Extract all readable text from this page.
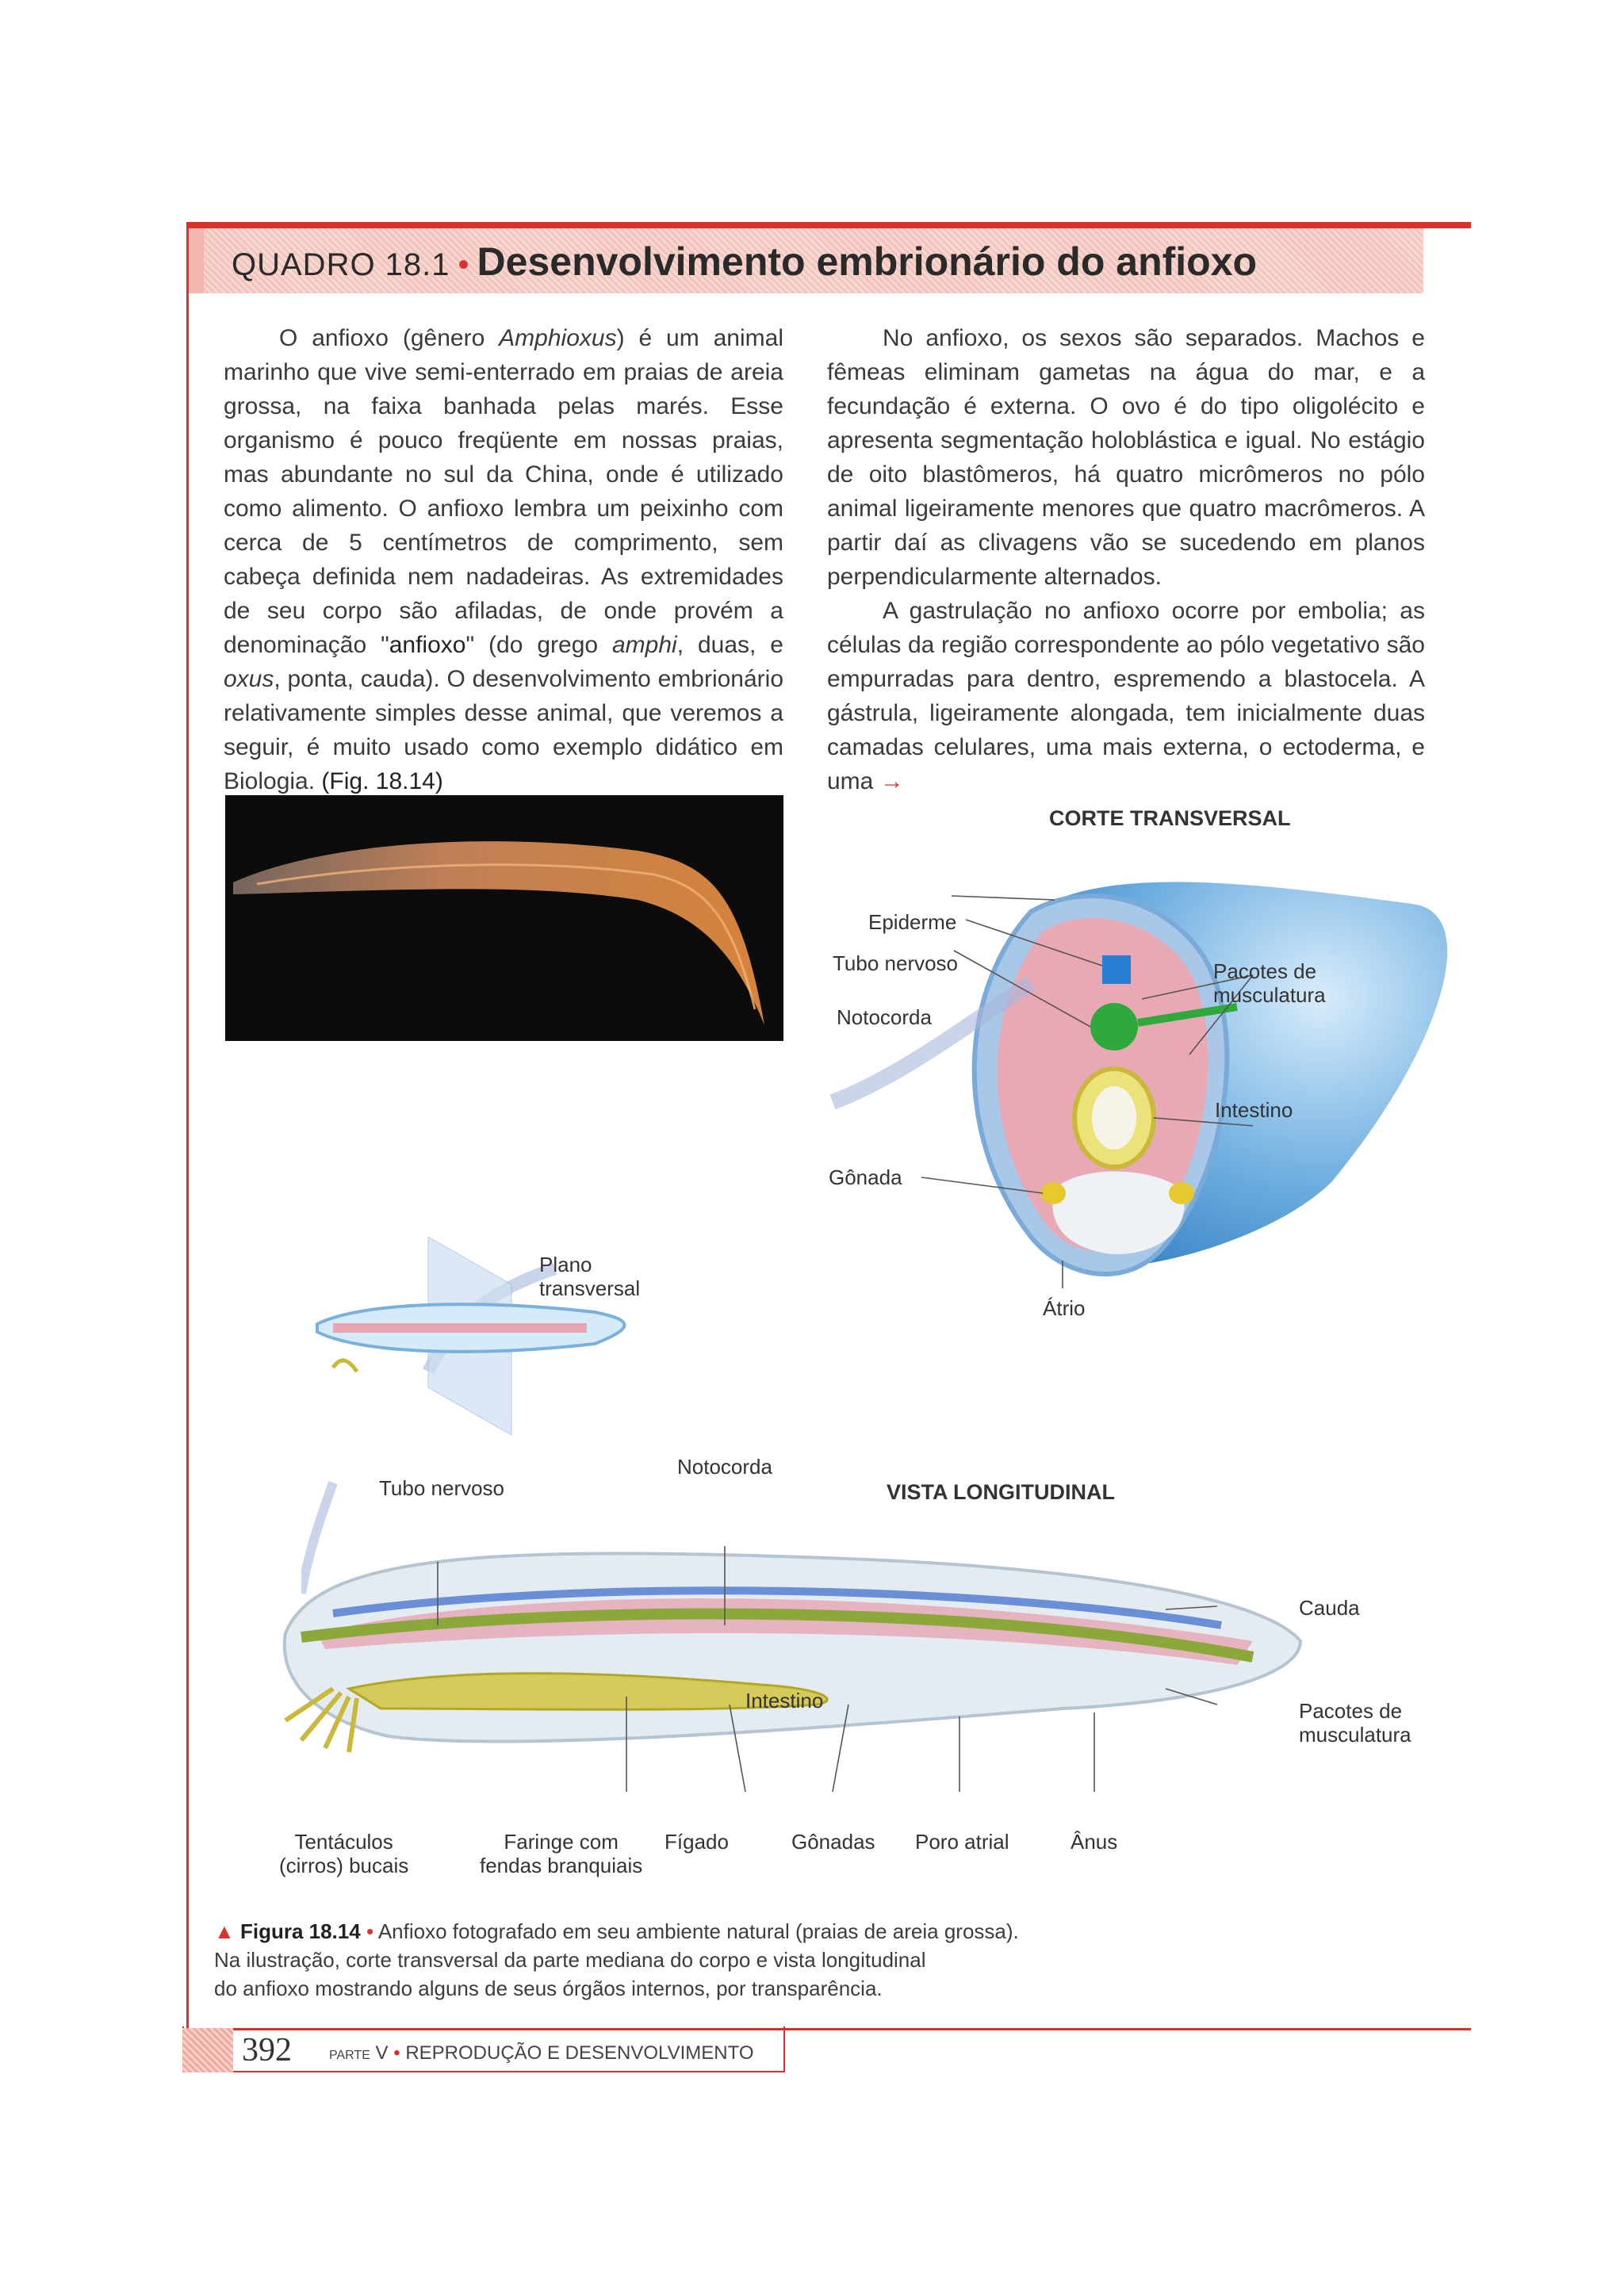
QUADRO 18.1 • Desenvolvimento embrionário do anfioxo

O anfioxo (gênero Amphioxus) é um animal marinho que vive semi-enterrado em praias de areia grossa, na faixa banhada pelas marés. Esse organismo é pouco freqüente em nossas praias, mas abundante no sul da China, onde é utilizado como alimento. O anfioxo lembra um peixinho com cerca de 5 centímetros de comprimento, sem cabeça definida nem nadadeiras. As extremidades de seu corpo são afiladas, de onde provém a denominação "anfioxo" (do grego amphi, duas, e oxus, ponta, cauda). O desenvolvimento embrionário relativamente simples desse animal, que veremos a seguir, é muito usado como exemplo didático em Biologia. (Fig. 18.14)

No anfioxo, os sexos são separados. Machos e fêmeas eliminam gametas na água do mar, e a fecundação é externa. O ovo é do tipo oligolécito e apresenta segmentação holoblástica e igual. No estágio de oito blastômeros, há quatro micrômeros no pólo animal ligeiramente menores que quatro macrômeros. A partir daí as clivagens vão se sucedendo em planos perpendicularmente alternados.

A gastrulação no anfioxo ocorre por embolia; as células da região correspondente ao pólo vegetativo são empurradas para dentro, espremendo a blastocela. A gástrula, ligeiramente alongada, tem inicialmente duas camadas celulares, uma mais externa, o ectoderma, e uma →

CORTE TRANSVERSAL
Epiderme
Tubo nervoso
Notocorda
Pacotes de
musculatura
Intestino
Gônada
Átrio
Plano
transversal
VISTA LONGITUDINAL
Tubo nervoso
Notocorda
Cauda
Pacotes de
musculatura
Intestino
Tentáculos
(cirros) bucais
Faringe com
fendas branquiais
Fígado	Gônadas Poro atrial	Ânus
▲ Figura 18.14 • Anfioxo fotografado em seu ambiente natural (praias de areia grossa).
Na ilustração, corte transversal da parte mediana do corpo e vista longitudinal
do anfioxo mostrando alguns de seus órgãos internos, por transparência.
392	PARTE V • REPRODUÇÃO E DESENVOLVIMENTO
